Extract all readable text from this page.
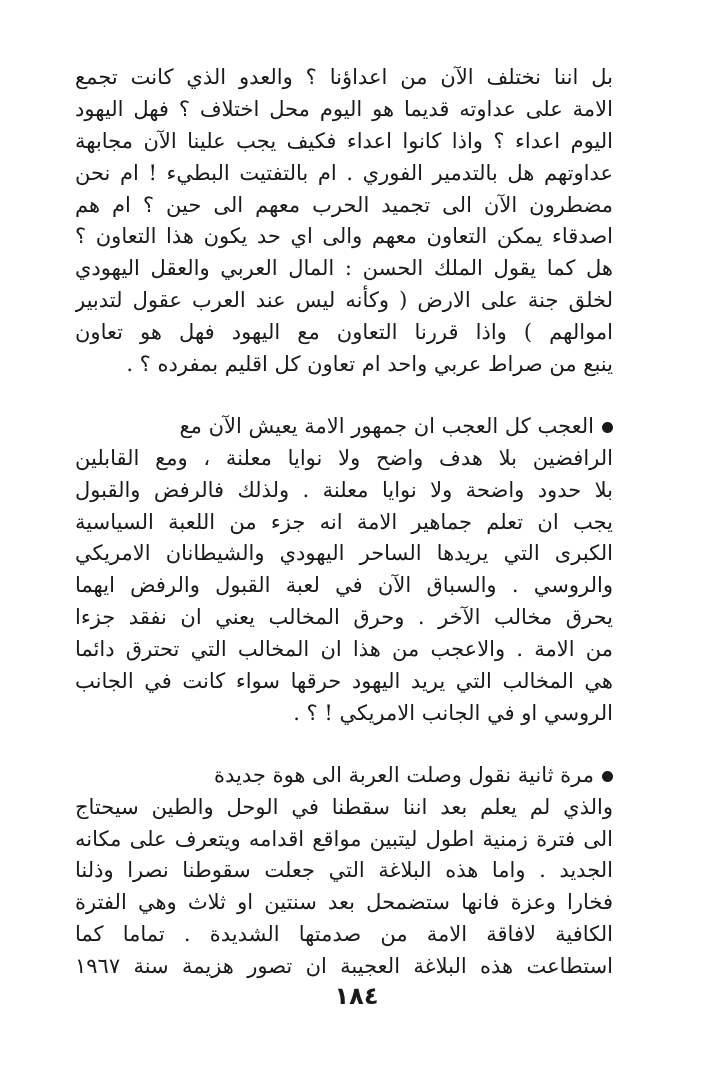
بل اننا نختلف الآن من اعداؤنا ؟ والعدو الذي كانت تجمع
الامة على عداوته قديما هو اليوم محل اختلاف ؟ فهل اليهود
اليوم اعداء ؟ واذا كانوا اعداء فكيف يجب علينا الآن مجابهة
عداوتهم هل بالتدمير الفوري . ام بالتفتيت البطيء ! ام نحن
مضطرون الآن الى تجميد الحرب معهم الى حين ؟ ام هم
اصدقاء يمكن التعاون معهم والى اي حد يكون هذا التعاون ؟
هل كما يقول الملك الحسن : المال العربي والعقل اليهودي
لخلق جنة على الارض ( وكأنه ليس عند العرب عقول لتدبير
اموالهم ) واذا قررنا التعاون مع اليهود فهل هو تعاون
ينبع من صراط عربي واحد ام تعاون كل اقليم بمفرده ؟ .
العجب كل العجب ان جمهور الامة يعيش الآن مع
الرافضين بلا هدف واضح ولا نوايا معلنة ، ومع القابلين
بلا حدود واضحة ولا نوايا معلنة . ولذلك فالرفض والقبول
يجب ان تعلم جماهير الامة انه جزء من اللعبة السياسية
الكبرى التي يريدها الساحر اليهودي والشيطانان الامريكي
والروسي . والسباق الآن في لعبة القبول والرفض ايهما
يحرق مخالب الآخر . وحرق المخالب يعني ان نفقد جزءا
من الامة . والاعجب من هذا ان المخالب التي تحترق دائما
هي المخالب التي يريد اليهود حرقها سواء كانت في الجانب
الروسي او في الجانب الامريكي ! ؟ .
مرة ثانية نقول وصلت العربة الى هوة جديدة
والذي لم يعلم بعد اننا سقطنا في الوحل والطين سيحتاج
الى فترة زمنية اطول ليتبين مواقع اقدامه ويتعرف على مكانه
الجديد . واما هذه البلاغة التي جعلت سقوطنا نصرا وذلنا
فخارا وعزة فانها ستضمحل بعد سنتين او ثلاث وهي الفترة
الكافية لافاقة الامة من صدمتها الشديدة . تماما كما
استطاعت هذه البلاغة العجيبة ان تصور هزيمة سنة ١٩٦٧
١٨٤
